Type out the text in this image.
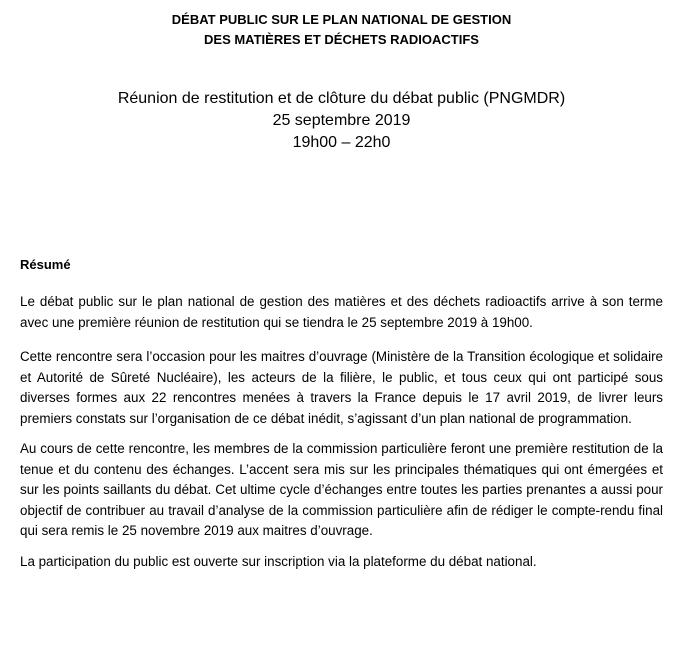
DÉBAT PUBLIC SUR LE PLAN NATIONAL DE GESTION
DES MATIÈRES ET DÉCHETS RADIOACTIFS
Réunion de restitution et de clôture du débat public (PNGMDR)
25 septembre 2019
19h00 – 22h0
Résumé

Le débat public sur le plan national de gestion des matières et des déchets radioactifs arrive à son terme avec une première réunion de restitution qui se tiendra le 25 septembre 2019 à 19h00.

Cette rencontre sera l’occasion pour les maitres d’ouvrage (Ministère de la Transition écologique et solidaire et Autorité de Sûreté Nucléaire), les acteurs de la filière, le public, et tous ceux qui ont participé sous diverses formes aux 22 rencontres menées à travers la France depuis le 17 avril 2019, de livrer leurs premiers constats sur l’organisation de ce débat inédit, s’agissant d’un plan national de programmation.

Au cours de cette rencontre, les membres de la commission particulière feront une première restitution de la tenue et du contenu des échanges. L’accent sera mis sur les principales thématiques qui ont émergées et sur les points saillants du débat. Cet ultime cycle d’échanges entre toutes les parties prenantes a aussi pour objectif de contribuer au travail d’analyse de la commission particulière afin de rédiger le compte-rendu final qui sera remis le 25 novembre 2019 aux maitres d’ouvrage.

La participation du public est ouverte sur inscription via la plateforme du débat national.
